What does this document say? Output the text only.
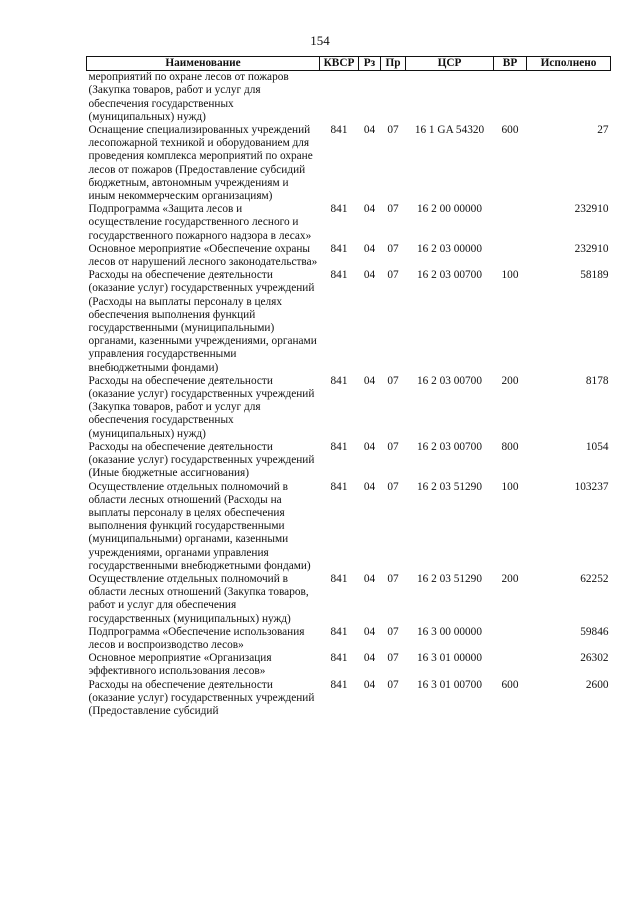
154
Наименование	КВСР	Рз	Пр	ЦСР	ВР	Исполнено
мероприятий по охране лесов от пожаров (Закупка товаров, работ и услуг для обеспечения государственных (муниципальных) нужд)						
Оснащение специализированных учреждений лесопожарной техникой и оборудованием для проведения комплекса мероприятий по охране лесов от пожаров (Предоставление субсидий бюджетным, автономным учреждениям и иным некоммерческим организациям)	841	04	07	16 1 GA 54320	600	27
Подпрограмма «Защита лесов и осуществление государственного лесного и государственного пожарного надзора в лесах»	841	04	07	16 2 00 00000		232910
Основное мероприятие «Обеспечение охраны лесов от нарушений лесного законодательства»	841	04	07	16 2 03 00000		232910
Расходы на обеспечение деятельности (оказание услуг) государственных учреждений (Расходы на выплаты персоналу в целях обеспечения выполнения функций государственными (муниципальными) органами, казенными учреждениями, органами управления государственными внебюджетными фондами)	841	04	07	16 2 03 00700	100	58189
Расходы на обеспечение деятельности (оказание услуг) государственных учреждений (Закупка товаров, работ и услуг для обеспечения государственных (муниципальных) нужд)	841	04	07	16 2 03 00700	200	8178
Расходы на обеспечение деятельности (оказание услуг) государственных учреждений (Иные бюджетные ассигнования)	841	04	07	16 2 03 00700	800	1054
Осуществление отдельных полномочий в области лесных отношений (Расходы на выплаты персоналу в целях обеспечения выполнения функций государственными (муниципальными) органами, казенными учреждениями, органами управления государственными внебюджетными фондами)	841	04	07	16 2 03 51290	100	103237
Осуществление отдельных полномочий в области лесных отношений (Закупка товаров, работ и услуг для обеспечения государственных (муниципальных) нужд)	841	04	07	16 2 03 51290	200	62252
Подпрограмма «Обеспечение использования лесов и воспроизводство лесов»	841	04	07	16 3 00 00000		59846
Основное мероприятие «Организация эффективного использования лесов»	841	04	07	16 3 01 00000		26302
Расходы на обеспечение деятельности (оказание услуг) государственных учреждений (Предоставление субсидий	841	04	07	16 3 01 00700	600	2600
